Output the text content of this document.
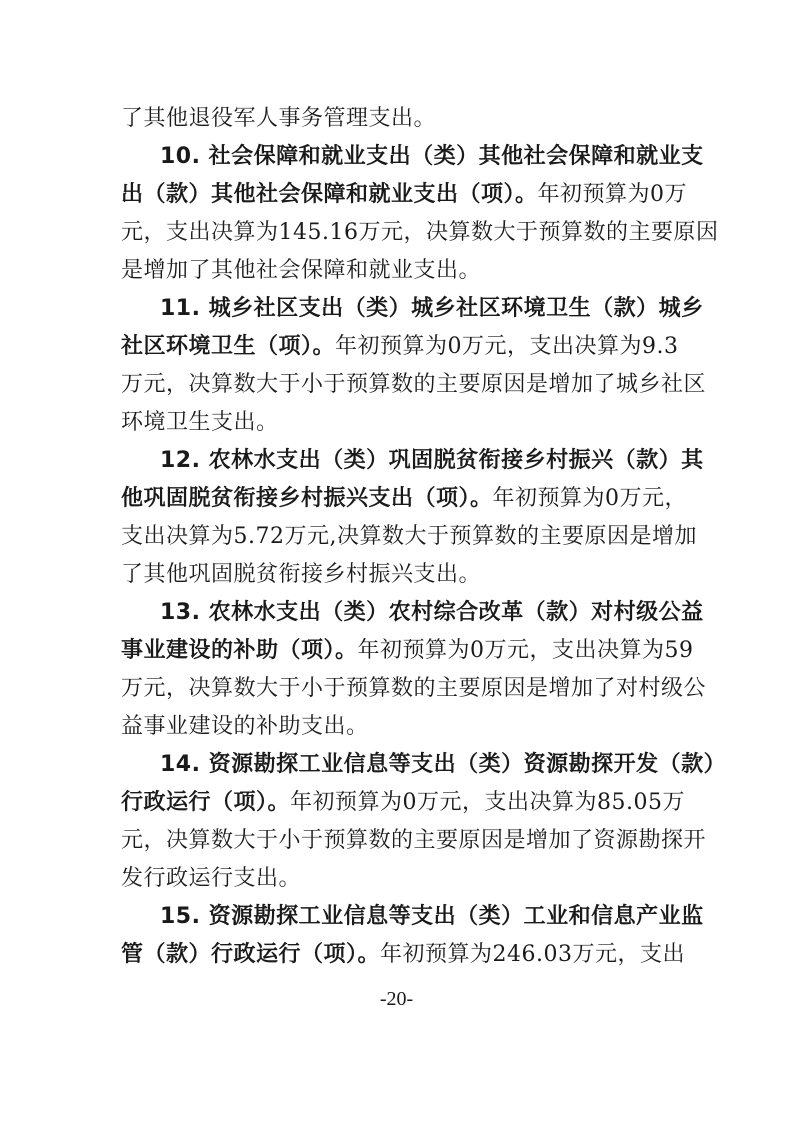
了其他退役军人事务管理支出。
10. 社会保障和就业支出（类）其他社会保障和就业支
出（款）其他社会保障和就业支出（项）。年初预算为0万
元，支出决算为145.16万元，决算数大于预算数的主要原因
是增加了其他社会保障和就业支出。
11. 城乡社区支出（类）城乡社区环境卫生（款）城乡
社区环境卫生（项）。年初预算为0万元，支出决算为9.3
万元，决算数大于小于预算数的主要原因是增加了城乡社区
环境卫生支出。
12. 农林水支出（类）巩固脱贫衔接乡村振兴（款）其
他巩固脱贫衔接乡村振兴支出（项）。年初预算为0万元，
支出决算为5.72万元,决算数大于预算数的主要原因是增加
了其他巩固脱贫衔接乡村振兴支出。
13. 农林水支出（类）农村综合改革（款）对村级公益
事业建设的补助（项）。年初预算为0万元，支出决算为59
万元，决算数大于小于预算数的主要原因是增加了对村级公
益事业建设的补助支出。
14. 资源勘探工业信息等支出（类）资源勘探开发（款）
行政运行（项）。年初预算为0万元，支出决算为85.05万
元，决算数大于小于预算数的主要原因是增加了资源勘探开
发行政运行支出。
15. 资源勘探工业信息等支出（类）工业和信息产业监
管（款）行政运行（项）。年初预算为246.03万元，支出
-20-
